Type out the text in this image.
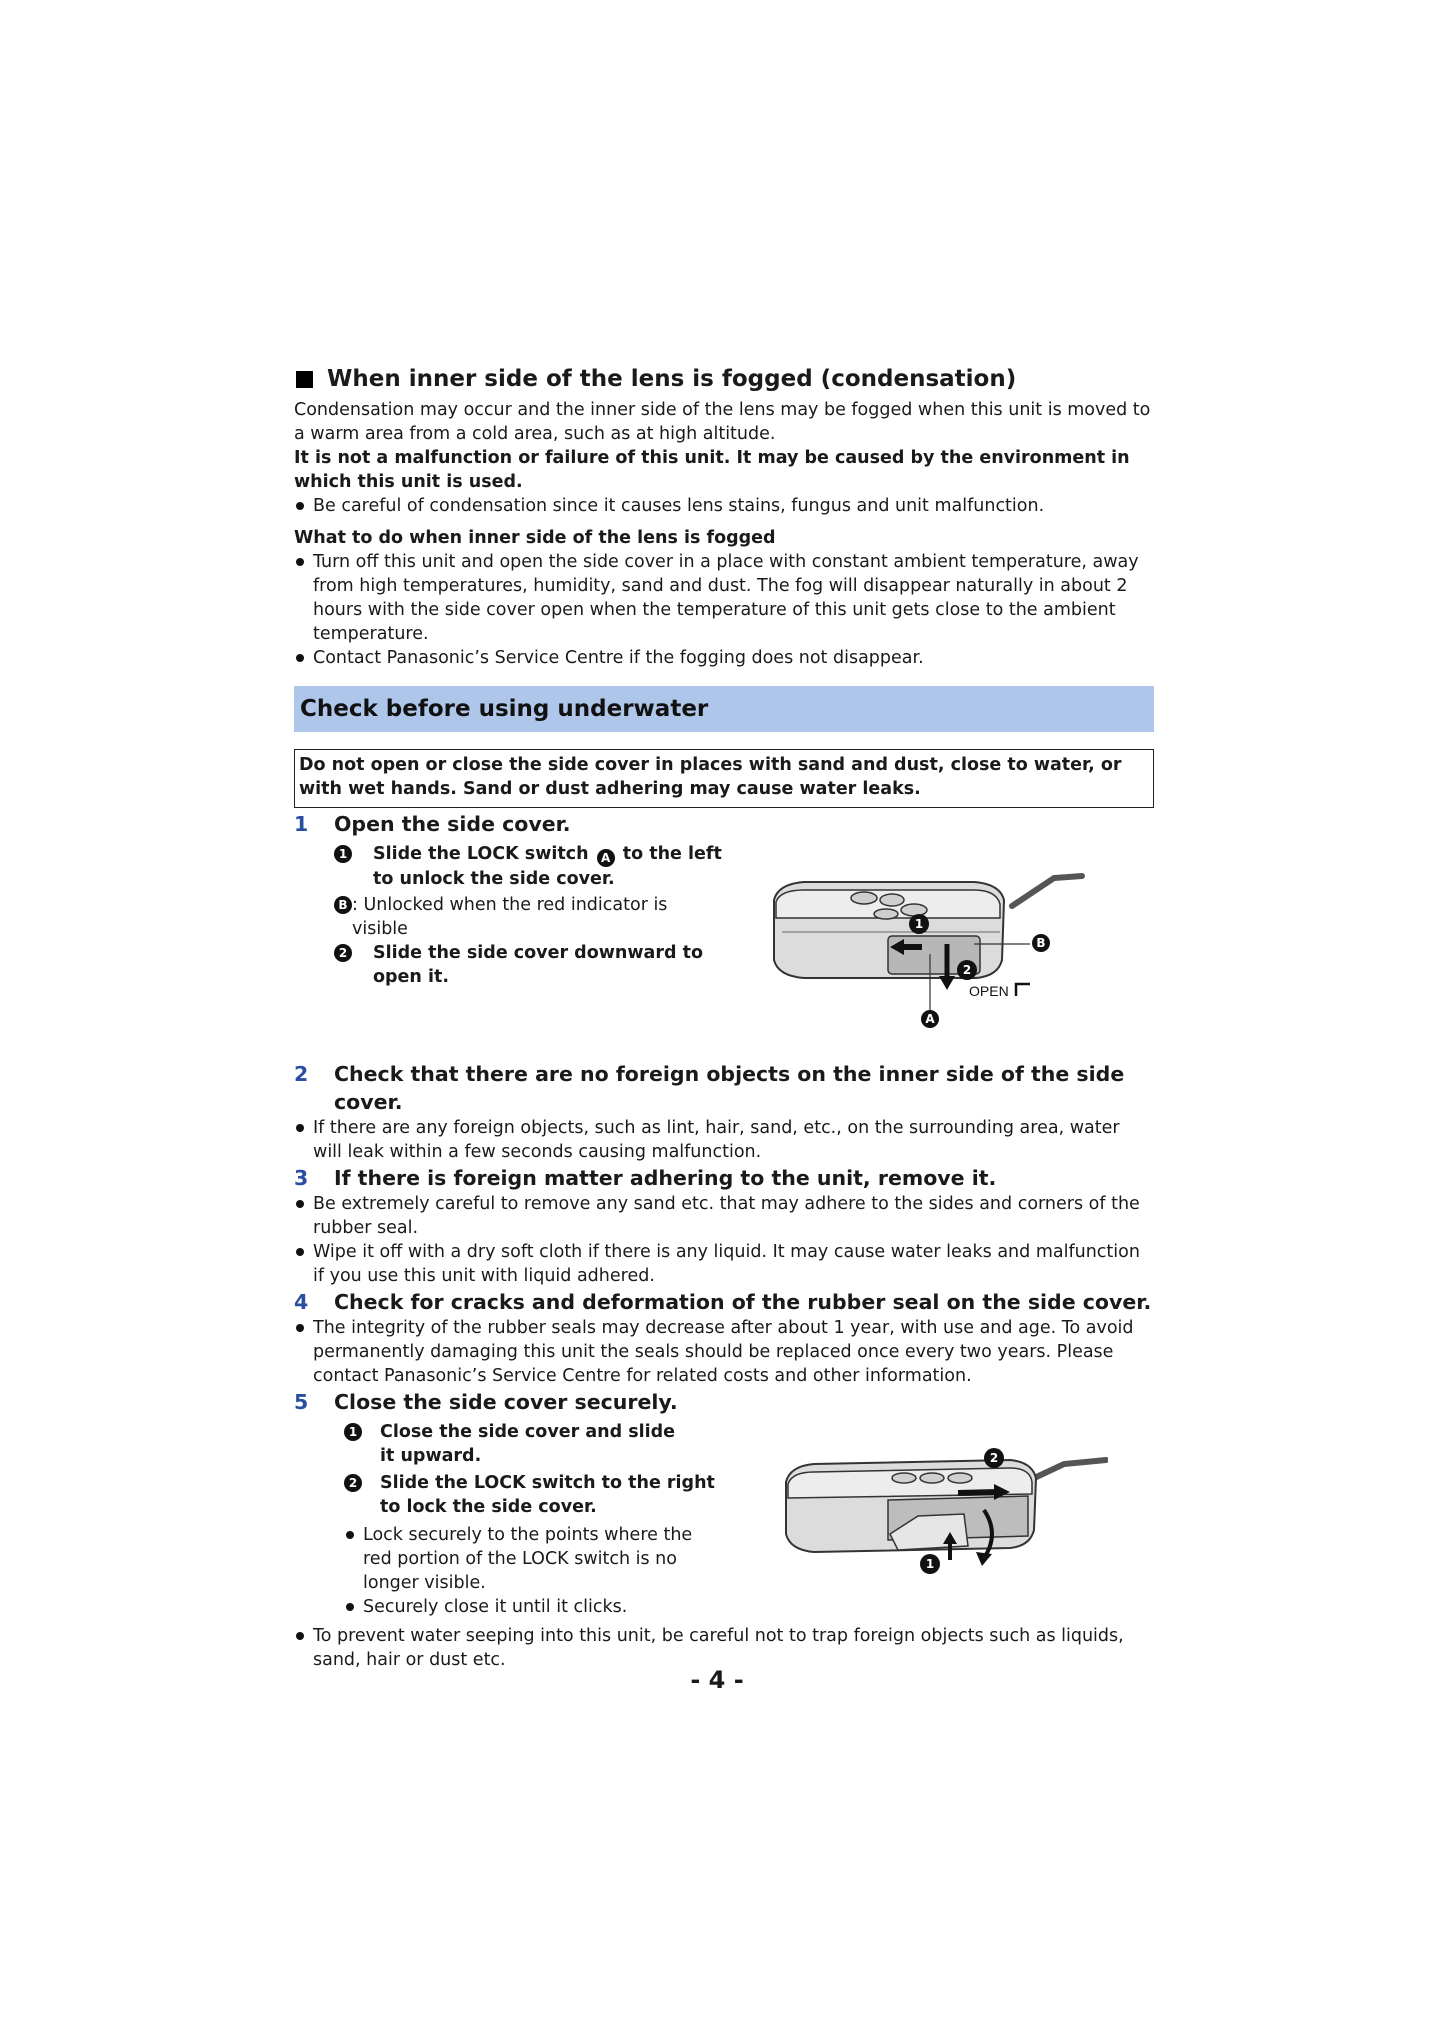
When inner side of the lens is fogged (condensation)

Condensation may occur and the inner side of the lens may be fogged when this unit is moved to a warm area from a cold area, such as at high altitude.

It is not a malfunction or failure of this unit. It may be caused by the environment in which this unit is used.

Be careful of condensation since it causes lens stains, fungus and unit malfunction.

What to do when inner side of the lens is fogged

Turn off this unit and open the side cover in a place with constant ambient temperature, away from high temperatures, humidity, sand and dust. The fog will disappear naturally in about 2 hours with the side cover open when the temperature of this unit gets close to the ambient temperature.
Contact Panasonic’s Service Centre if the fogging does not disappear.
Check before using underwater
Do not open or close the side cover in places with sand and dust, close to water, or with wet hands. Sand or dust adhering may cause water leaks.
1	Open the side cover.
1	Slide the LOCK switch A to the left to unlock the side cover.
B : Unlocked when the red indicator is visible
2	Slide the side cover downward to open it.
OPEN
1
2
B
A
2	Check that there are no foreign objects on the inner side of the side cover.
If there are any foreign objects, such as lint, hair, sand, etc., on the surrounding area, water will leak within a few seconds causing malfunction.
3	If there is foreign matter adhering to the unit, remove it.
Be extremely careful to remove any sand etc. that may adhere to the sides and corners of the rubber seal.
Wipe it off with a dry soft cloth if there is any liquid. It may cause water leaks and malfunction if you use this unit with liquid adhered.
4	Check for cracks and deformation of the rubber seal on the side cover.
The integrity of the rubber seals may decrease after about 1 year, with use and age. To avoid permanently damaging this unit the seals should be replaced once every two years. Please contact Panasonic’s Service Centre for related costs and other information.
5	Close the side cover securely.
1	Close the side cover and slide it upward.
2	Slide the LOCK switch to the right to lock the side cover.
Lock securely to the points where the red portion of the LOCK switch is no longer visible.
Securely close it until it clicks.
2
1
To prevent water seeping into this unit, be careful not to trap foreign objects such as liquids, sand, hair or dust etc.
- 4 -
